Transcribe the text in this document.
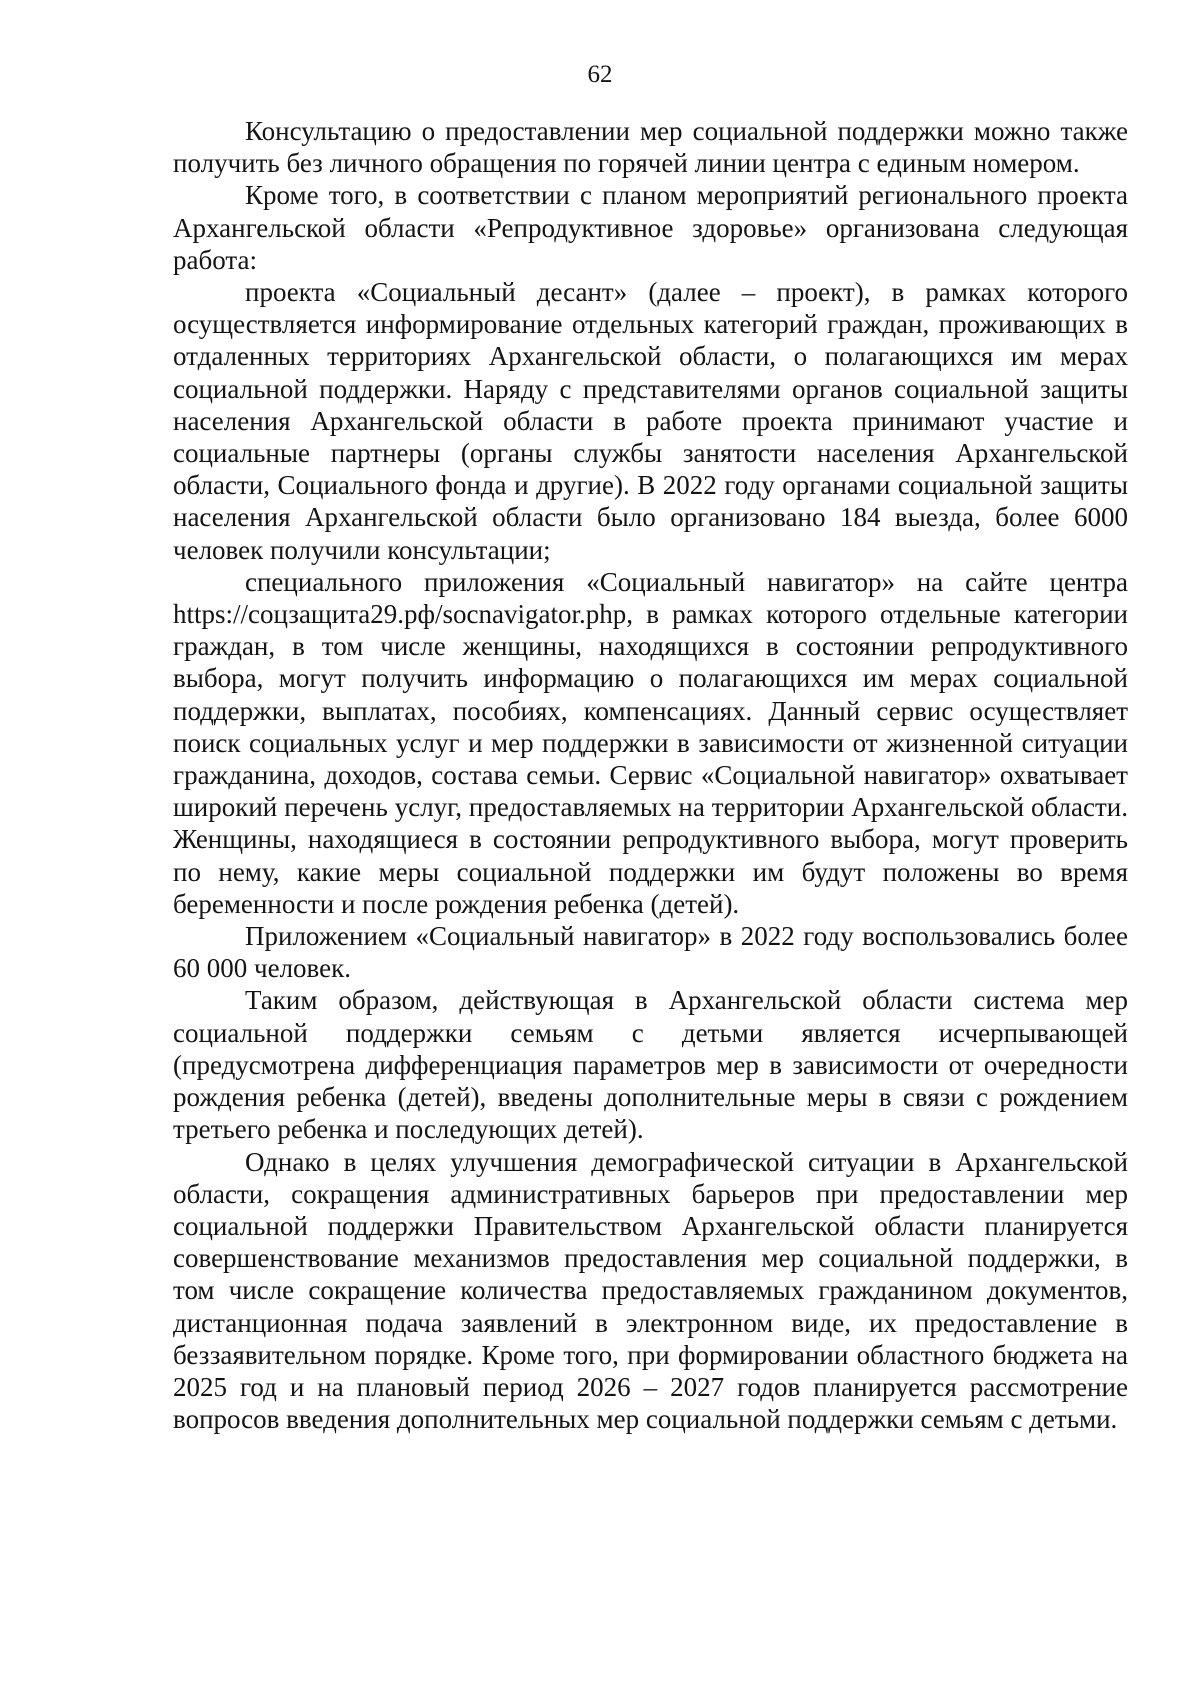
62

Консультацию о предоставлении мер социальной поддержки можно также получить без личного обращения по горячей линии центра с единым номером.

Кроме того, в соответствии с планом мероприятий регионального проекта Архангельской области «Репродуктивное здоровье» организована следующая работа:

проекта «Социальный десант» (далее – проект), в рамках которого осуществляется информирование отдельных категорий граждан, проживающих в отдаленных территориях Архангельской области, о полагающихся им мерах социальной поддержки. Наряду с представителями органов социальной защиты населения Архангельской области в работе проекта принимают участие и социальные партнеры (органы службы занятости населения Архангельской области, Социального фонда и другие). В 2022 году органами социальной защиты населения Архангельской области было организовано 184 выезда, более 6000 человек получили консультации;

специального приложения «Социальный навигатор» на сайте центра https://соцзащита29.рф/socnavigator.php, в рамках которого отдельные категории граждан, в том числе женщины, находящихся в состоянии репродуктивного выбора, могут получить информацию о полагающихся им мерах социальной поддержки, выплатах, пособиях, компенсациях. Данный сервис осуществляет поиск социальных услуг и мер поддержки в зависимости от жизненной ситуации гражданина, доходов, состава семьи. Сервис «Социальной навигатор» охватывает широкий перечень услуг, предоставляемых на территории Архангельской области. Женщины, находящиеся в состоянии репродуктивного выбора, могут проверить по нему, какие меры социальной поддержки им будут положены во время беременности и после рождения ребенка (детей).

Приложением «Социальный навигатор» в 2022 году воспользовались более 60 000 человек.

Таким образом, действующая в Архангельской области система мер социальной поддержки семьям с детьми является исчерпывающей (предусмотрена дифференциация параметров мер в зависимости от очередности рождения ребенка (детей), введены дополнительные меры в связи с рождением третьего ребенка и последующих детей).

Однако в целях улучшения демографической ситуации в Архангельской области, сокращения административных барьеров при предоставлении мер социальной поддержки Правительством Архангельской области планируется совершенствование механизмов предоставления мер социальной поддержки, в том числе сокращение количества предоставляемых гражданином документов, дистанционная подача заявлений в электронном виде, их предоставление в беззаявительном порядке. Кроме того, при формировании областного бюджета на 2025 год и на плановый период 2026 – 2027 годов планируется рассмотрение вопросов введения дополнительных мер социальной поддержки семьям с детьми.
